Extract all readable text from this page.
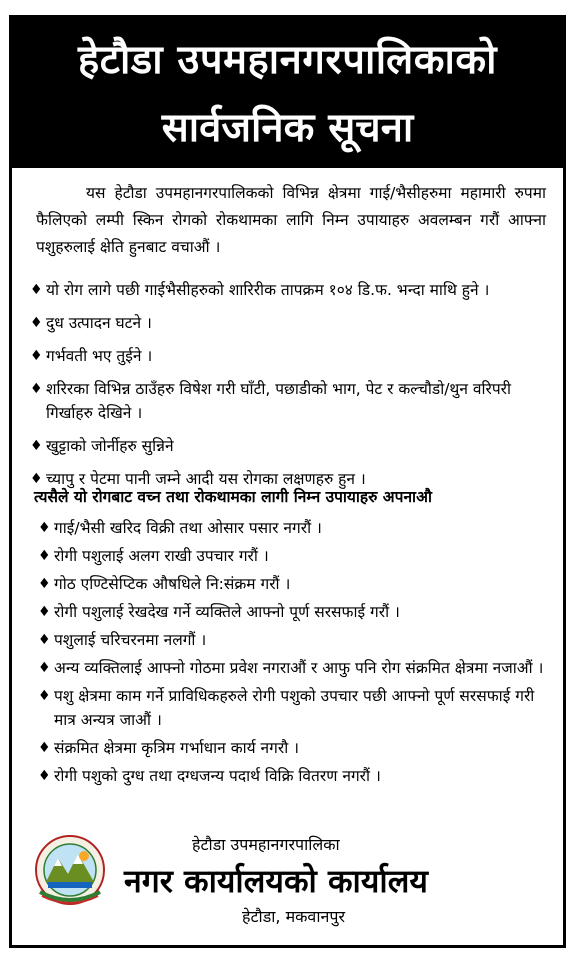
हेटौडा उपमहानगरपालिकाको
सार्वजनिक सूचना
यस हेटौडा उपमहानगरपालिकको विभिन्न क्षेत्रमा गाई/भैसीहरुमा महामारी रुपमा फैलिएको लम्पी स्किन रोगको रोकथामका लागि निम्न उपायाहरु अवलम्बन गरौं आफ्ना पशुहरुलाई क्षेति हुनबाट वचाऔं ।
♦ यो रोग लागे पछी गाईभैसीहरुको शारिरीक तापक्रम १०४ डि.फ. भन्दा माथि हुने ।
♦ दुध उत्पादन घटने ।
♦ गर्भवती भए तुईने ।
♦ शरिरका विभिन्न ठाउँहरु विषेश गरी घाँटी, पछाडीको भाग, पेट र कल्चौडो/थुन वरिपरी गिर्खाहरु देखिने ।
♦ खुट्टाको जोर्नीहरु सुन्निने
♦ च्यापु र पेटमा पानी जम्ने आदी यस रोगका लक्षणहरु हुन ।
त्यसैले यो रोगबाट वच्न तथा रोकथामका लागी निम्न उपायाहरु अपनाऔ
♦ गाई/भैसी खरिद विक्री तथा ओसार पसार नगरौं ।
♦ रोगी पशुलाई अलग राखी उपचार गरौं ।
♦ गोठ एण्टिसेप्टिक औषधिले नि:संक्रम गरौं ।
♦ रोगी पशुलाई रेखदेख गर्ने व्यक्तिले आफ्नो पूर्ण सरसफाई गरौं ।
♦ पशुलाई चरिचरनमा नलगौं ।
♦ अन्य व्यक्तिलाई आफ्नो गोठमा प्रवेश नगराऔं र आफु पनि रोग संक्रमित क्षेत्रमा नजाऔं ।
♦ पशु क्षेत्रमा काम गर्ने प्राविधिकहरुले रोगी पशुको उपचार पछी आफ्नो पूर्ण सरसफाई गरी मात्र अन्यत्र जाऔं ।
♦ संक्रमित क्षेत्रमा कृत्रिम गर्भाधान कार्य नगरौ ।
♦ रोगी पशुको दुग्ध तथा दग्धजन्य पदार्थ विक्रि वितरण नगरौं ।
हेटौडा उपमहानगरपालिका
नगर कार्यालयको कार्यालय
हेटौडा, मकवानपुर
